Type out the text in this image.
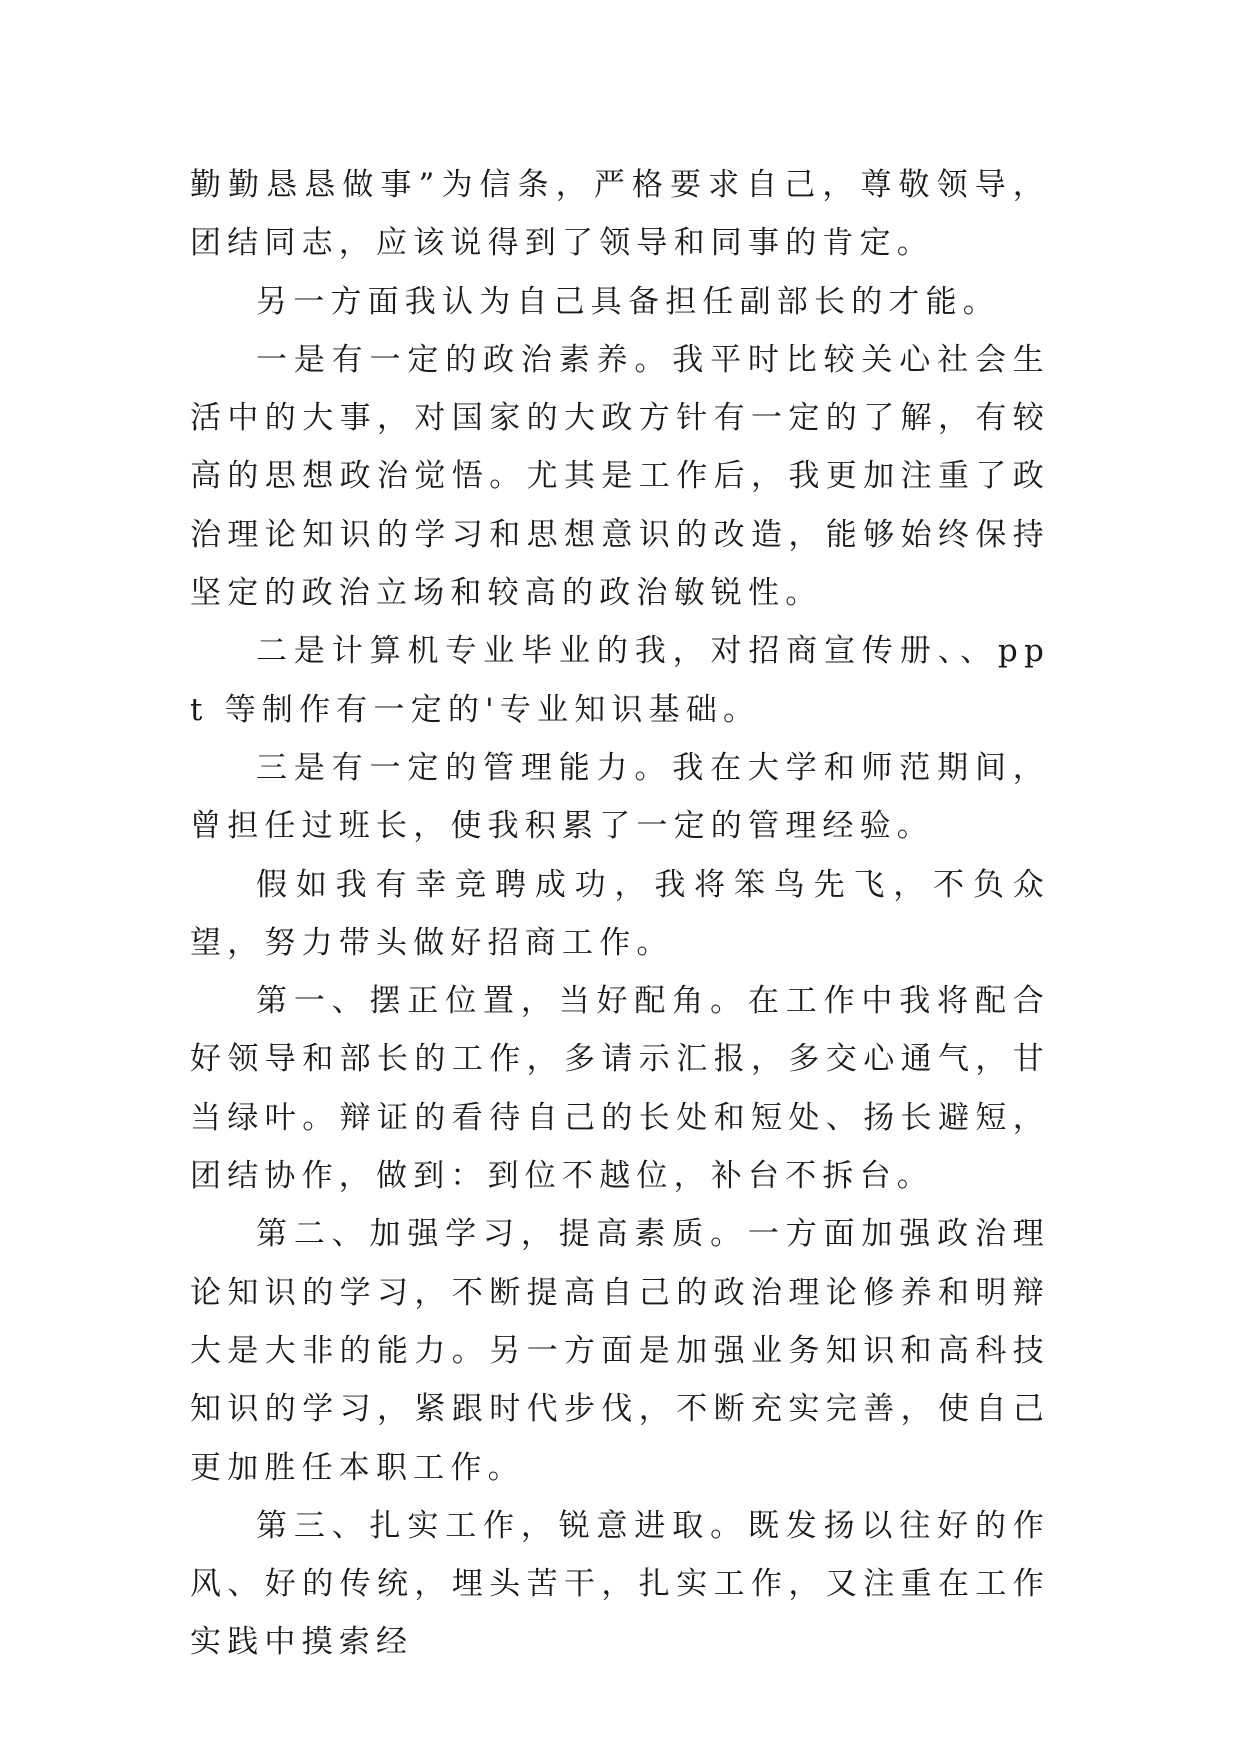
勤勤恳恳做事”为信条，严格要求自己，尊敬领导，团结同志，应该说得到了领导和同事的肯定。

另一方面我认为自己具备担任副部长的才能。

一是有一定的政治素养。我平时比较关心社会生活中的大事，对国家的大政方针有一定的了解，有较高的思想政治觉悟。尤其是工作后，我更加注重了政治理论知识的学习和思想意识的改造，能够始终保持坚定的政治立场和较高的政治敏锐性。

二是计算机专业毕业的我，对招商宣传册、、ppt 等制作有一定的'专业知识基础。

三是有一定的管理能力。我在大学和师范期间，曾担任过班长，使我积累了一定的管理经验。

假如我有幸竞聘成功，我将笨鸟先飞，不负众望，努力带头做好招商工作。

第一、摆正位置，当好配角。在工作中我将配合好领导和部长的工作，多请示汇报，多交心通气，甘当绿叶。辩证的看待自己的长处和短处、扬长避短，团结协作，做到：到位不越位，补台不拆台。

第二、加强学习，提高素质。一方面加强政治理论知识的学习，不断提高自己的政治理论修养和明辩大是大非的能力。另一方面是加强业务知识和高科技知识的学习，紧跟时代步伐，不断充实完善，使自己更加胜任本职工作。

第三、扎实工作，锐意进取。既发扬以往好的作风、好的传统，埋头苦干，扎实工作，又注重在工作实践中摸索经
